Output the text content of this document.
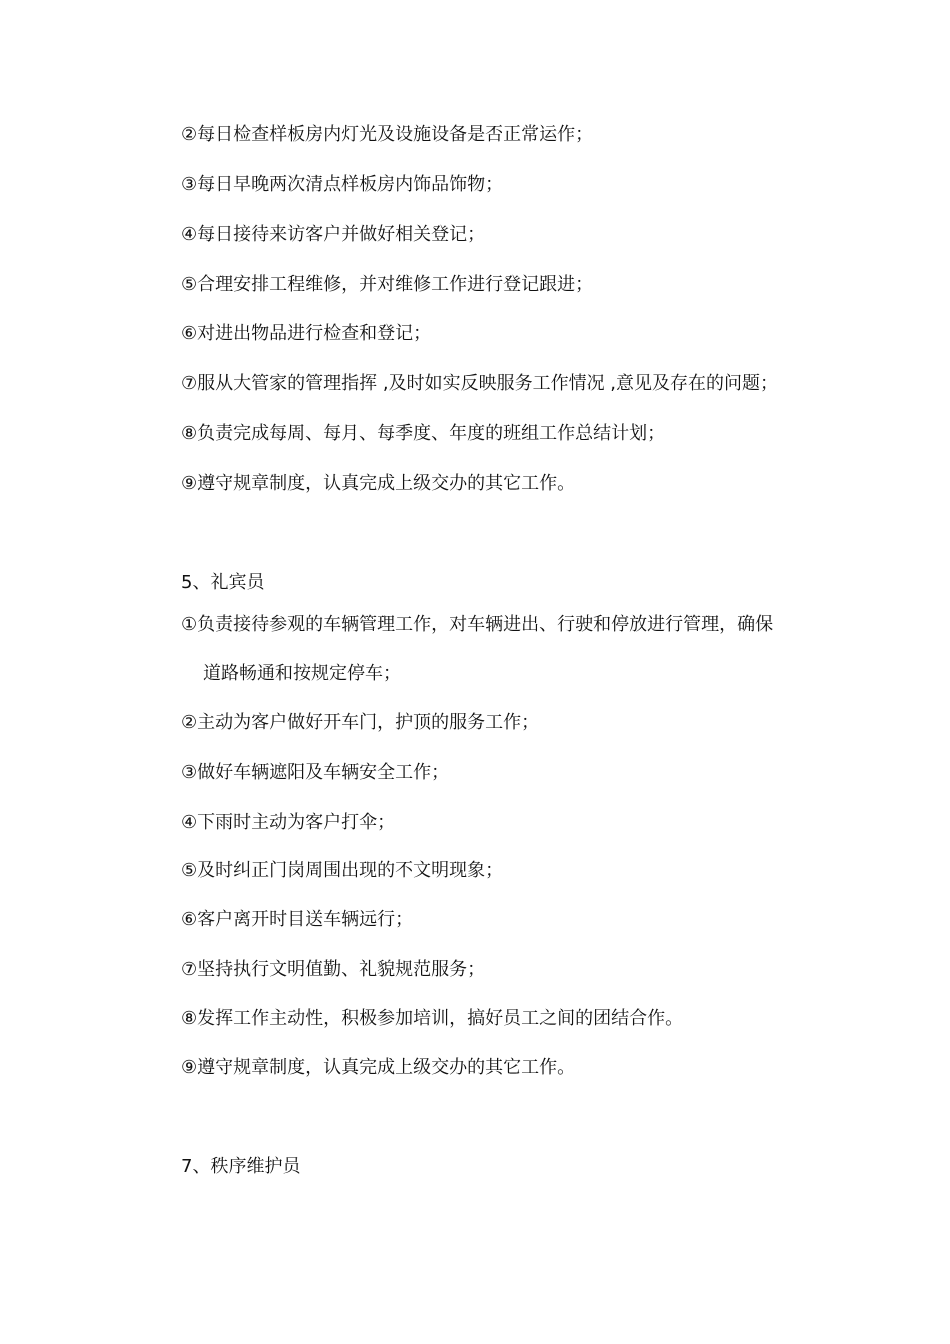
②每日检查样板房内灯光及设施设备是否正常运作；
③每日早晚两次清点样板房内饰品饰物；
④每日接待来访客户并做好相关登记；
⑤合理安排工程维修，并对维修工作进行登记跟进；
⑥对进出物品进行检查和登记；
⑦服从大管家的管理指挥 ,及时如实反映服务工作情况 ,意见及存在的问题；
⑧负责完成每周、每月、每季度、年度的班组工作总结计划；
⑨遵守规章制度，认真完成上级交办的其它工作。
5、礼宾员
①负责接待参观的车辆管理工作，对车辆进出、行驶和停放进行管理，确保
道路畅通和按规定停车；
②主动为客户做好开车门，护顶的服务工作；
③做好车辆遮阳及车辆安全工作；
④下雨时主动为客户打伞；
⑤及时纠正门岗周围出现的不文明现象；
⑥客户离开时目送车辆远行；
⑦坚持执行文明值勤、礼貌规范服务；
⑧发挥工作主动性，积极参加培训，搞好员工之间的团结合作。
⑨遵守规章制度，认真完成上级交办的其它工作。
7、秩序维护员
